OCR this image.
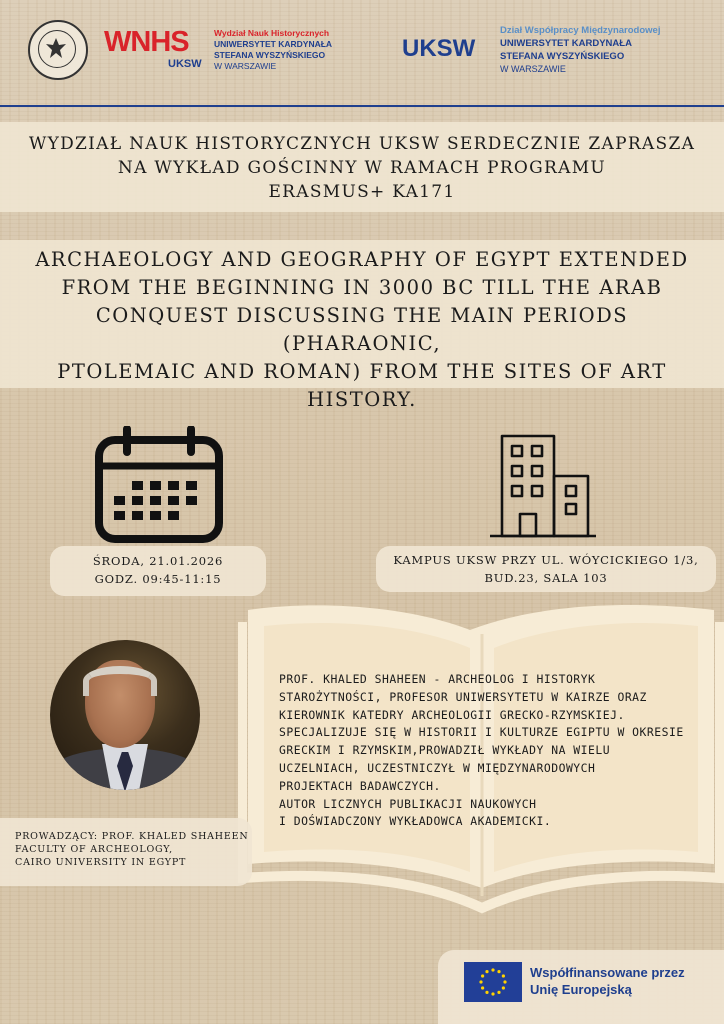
WNHS
UKSW
Wydział Nauk Historycznych
UNIWERSYTET KARDYNAŁA
STEFANA WYSZYŃSKIEGO
W WARSZAWIE
UKSW
Dział Współpracy Międzynarodowej
UNIWERSYTET KARDYNAŁA
STEFANA WYSZYŃSKIEGO
W WARSZAWIE
WYDZIAŁ NAUK HISTORYCZNYCH UKSW SERDECZNIE ZAPRASZA
NA WYKŁAD GOŚCINNY W RAMACH PROGRAMU
ERASMUS+ KA171
ARCHAEOLOGY AND GEOGRAPHY OF EGYPT EXTENDED
FROM THE BEGINNING IN 3000 BC TILL THE ARAB
CONQUEST DISCUSSING THE MAIN PERIODS (PHARAONIC,
PTOLEMAIC AND ROMAN) FROM THE SITES OF ART
HISTORY.
ŚRODA, 21.01.2026
GODZ. 09:45-11:15
KAMPUS UKSW PRZY UL. WÓYCICKIEGO 1/3,
BUD.23, SALA 103
PROF. KHALED SHAHEEN - ARCHEOLOG I HISTORYK
STAROŻYTNOŚCI, PROFESOR UNIWERSYTETU W KAIRZE ORAZ
KIEROWNIK KATEDRY ARCHEOLOGII GRECKO-RZYMSKIEJ.
SPECJALIZUJE SIĘ W HISTORII I KULTURZE EGIPTU W OKRESIE
GRECKIM I RZYMSKIM,PROWADZIŁ WYKŁADY NA WIELU
UCZELNIACH, UCZESTNICZYŁ W MIĘDZYNARODOWYCH
PROJEKTACH BADAWCZYCH.
AUTOR LICZNYCH PUBLIKACJI NAUKOWYCH
I DOŚWIADCZONY WYKŁADOWCA AKADEMICKI.
PROWADZĄCY: PROF. KHALED SHAHEEN
FACULTY OF ARCHEOLOGY,
CAIRO UNIVERSITY IN EGYPT
Współfinansowane przez
Unię Europejską
